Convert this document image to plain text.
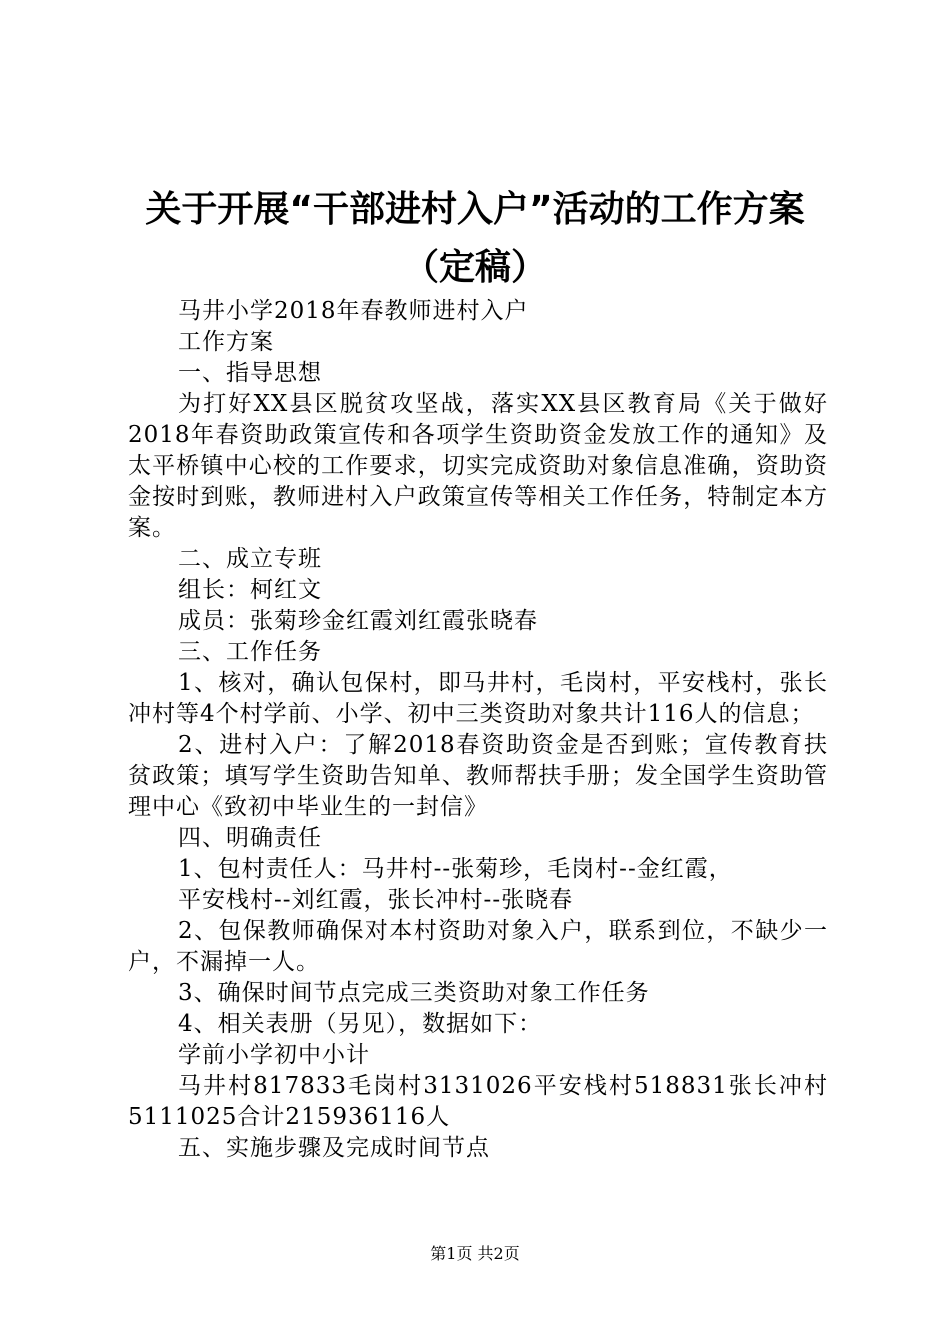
关于开展“干部进村入户”活动的工作方案
（定稿）

马井小学2018年春教师进村入户

工作方案

一、指导思想

为打好XX县区脱贫攻坚战，落实XX县区教育局《关于做好2018年春资助政策宣传和各项学生资助资金发放工作的通知》及太平桥镇中心校的工作要求，切实完成资助对象信息准确，资助资金按时到账，教师进村入户政策宣传等相关工作任务，特制定本方案。

二、成立专班

组长：柯红文

成员：张菊珍金红霞刘红霞张晓春

三、工作任务

1、核对，确认包保村，即马井村，毛岗村，平安栈村，张长冲村等4个村学前、小学、初中三类资助对象共计116人的信息；

2、进村入户：了解2018春资助资金是否到账；宣传教育扶贫政策；填写学生资助告知单、教师帮扶手册；发全国学生资助管理中心《致初中毕业生的一封信》

四、明确责任

1、包村责任人：马井村--张菊珍，毛岗村--金红霞，

平安栈村--刘红霞，张长冲村--张晓春

2、包保教师确保对本村资助对象入户，联系到位，不缺少一户，不漏掉一人。

3、确保时间节点完成三类资助对象工作任务

4、相关表册（另见），数据如下：

学前小学初中小计

马井村817833毛岗村3131026平安栈村518831张长冲村5111025合计215936116人

五、实施步骤及完成时间节点

第1页 共2页
